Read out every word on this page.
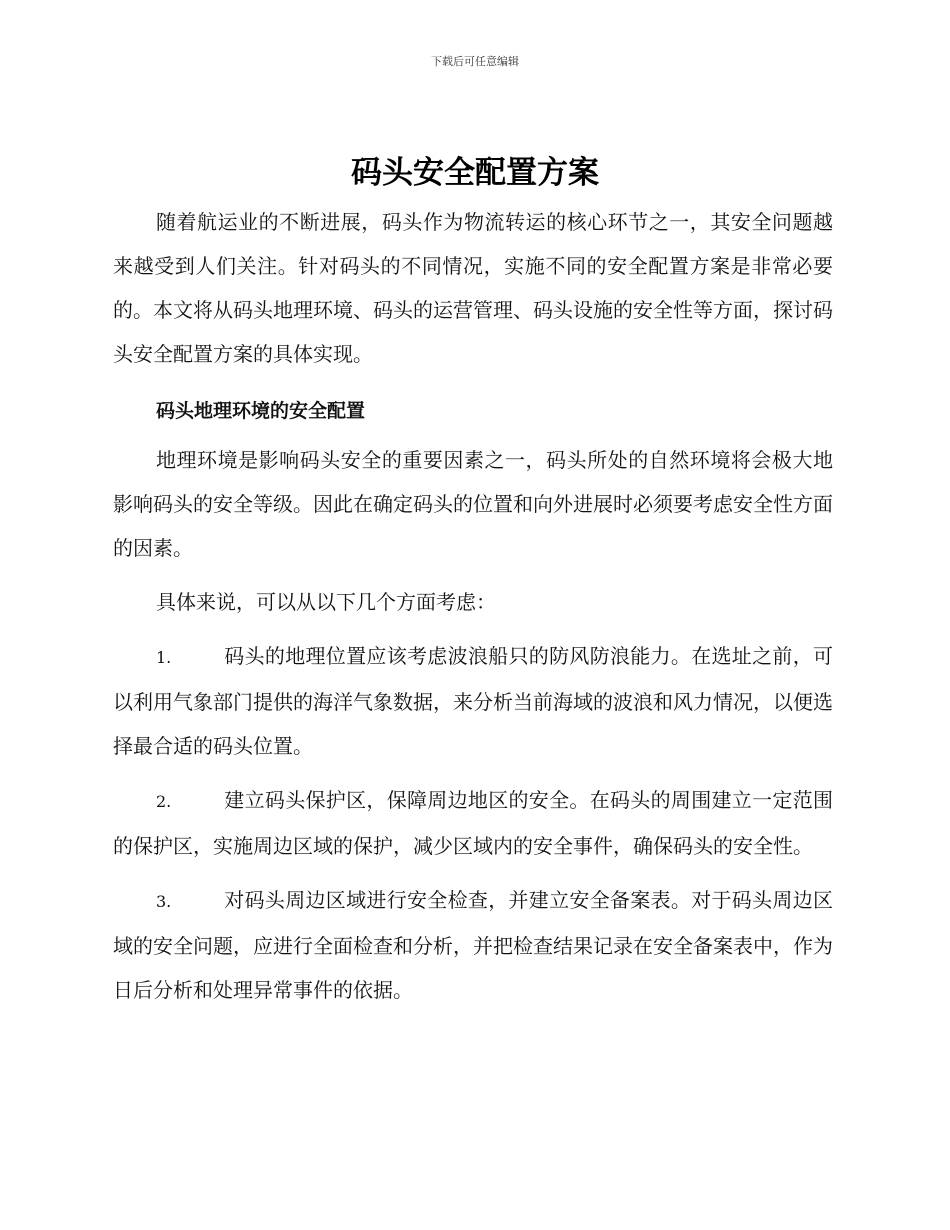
下载后可任意编辑
码头安全配置方案

随着航运业的不断进展，码头作为物流转运的核心环节之一，其安全问题越来越受到人们关注。针对码头的不同情况，实施不同的安全配置方案是非常必要的。本文将从码头地理环境、码头的运营管理、码头设施的安全性等方面，探讨码头安全配置方案的具体实现。

码头地理环境的安全配置

地理环境是影响码头安全的重要因素之一，码头所处的自然环境将会极大地影响码头的安全等级。因此在确定码头的位置和向外进展时必须要考虑安全性方面的因素。

具体来说，可以从以下几个方面考虑：

1.	码头的地理位置应该考虑波浪船只的防风防浪能力。在选址之前，可以利用气象部门提供的海洋气象数据，来分析当前海域的波浪和风力情况，以便选择最合适的码头位置。

2.	建立码头保护区，保障周边地区的安全。在码头的周围建立一定范围的保护区，实施周边区域的保护，减少区域内的安全事件，确保码头的安全性。

3.	对码头周边区域进行安全检查，并建立安全备案表。对于码头周边区域的安全问题，应进行全面检查和分析，并把检查结果记录在安全备案表中，作为日后分析和处理异常事件的依据。
